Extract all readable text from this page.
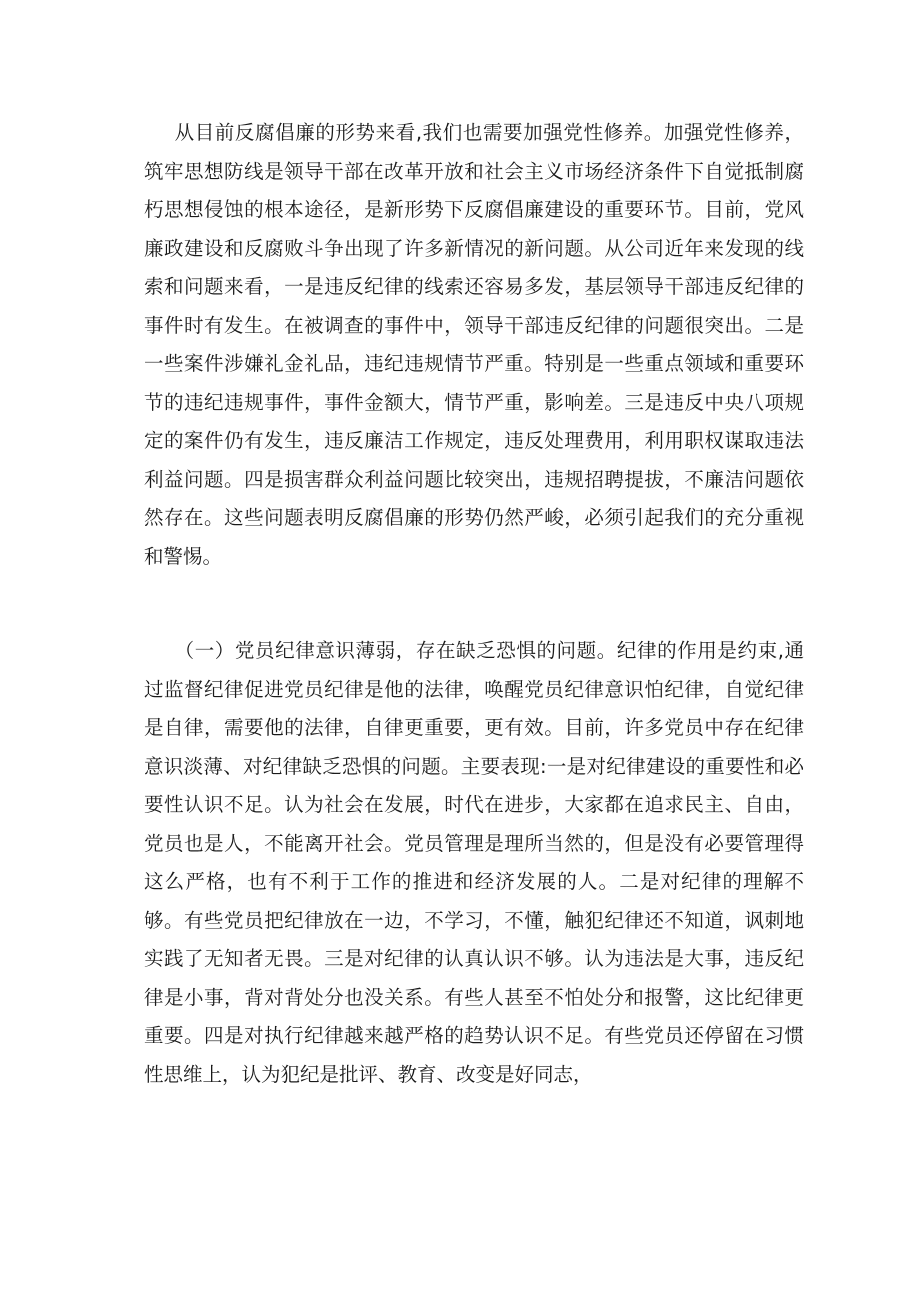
从目前反腐倡廉的形势来看,我们也需要加强党性修养。加强党性修养，筑牢思想防线是领导干部在改革开放和社会主义市场经济条件下自觉抵制腐朽思想侵蚀的根本途径，是新形势下反腐倡廉建设的重要环节。目前，党风廉政建设和反腐败斗争出现了许多新情况的新问题。从公司近年来发现的线索和问题来看，一是违反纪律的线索还容易多发，基层领导干部违反纪律的事件时有发生。在被调查的事件中，领导干部违反纪律的问题很突出。二是一些案件涉嫌礼金礼品，违纪违规情节严重。特别是一些重点领域和重要环节的违纪违规事件，事件金额大，情节严重，影响差。三是违反中央八项规定的案件仍有发生，违反廉洁工作规定，违反处理费用，利用职权谋取违法利益问题。四是损害群众利益问题比较突出，违规招聘提拔，不廉洁问题依然存在。这些问题表明反腐倡廉的形势仍然严峻，必须引起我们的充分重视和警惕。

（一）党员纪律意识薄弱，存在缺乏恐惧的问题。纪律的作用是约束,通过监督纪律促进党员纪律是他的法律，唤醒党员纪律意识怕纪律，自觉纪律是自律，需要他的法律，自律更重要，更有效。目前，许多党员中存在纪律意识淡薄、对纪律缺乏恐惧的问题。主要表现:一是对纪律建设的重要性和必要性认识不足。认为社会在发展，时代在进步，大家都在追求民主、自由，党员也是人，不能离开社会。党员管理是理所当然的，但是没有必要管理得这么严格，也有不利于工作的推进和经济发展的人。二是对纪律的理解不够。有些党员把纪律放在一边，不学习，不懂，触犯纪律还不知道，讽刺地实践了无知者无畏。三是对纪律的认真认识不够。认为违法是大事，违反纪律是小事，背对背处分也没关系。有些人甚至不怕处分和报警，这比纪律更重要。四是对执行纪律越来越严格的趋势认识不足。有些党员还停留在习惯性思维上，认为犯纪是批评、教育、改变是好同志，
